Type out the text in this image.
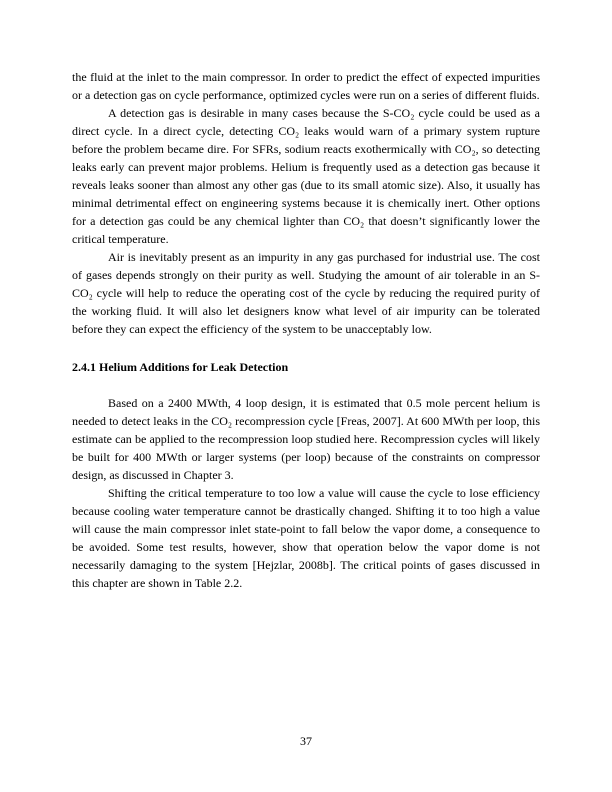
the fluid at the inlet to the main compressor. In order to predict the effect of expected impurities or a detection gas on cycle performance, optimized cycles were run on a series of different fluids.

A detection gas is desirable in many cases because the S-CO₂ cycle could be used as a direct cycle. In a direct cycle, detecting CO₂ leaks would warn of a primary system rupture before the problem became dire. For SFRs, sodium reacts exothermically with CO₂, so detecting leaks early can prevent major problems. Helium is frequently used as a detection gas because it reveals leaks sooner than almost any other gas (due to its small atomic size). Also, it usually has minimal detrimental effect on engineering systems because it is chemically inert. Other options for a detection gas could be any chemical lighter than CO₂ that doesn’t significantly lower the critical temperature.

Air is inevitably present as an impurity in any gas purchased for industrial use. The cost of gases depends strongly on their purity as well. Studying the amount of air tolerable in an S-CO₂ cycle will help to reduce the operating cost of the cycle by reducing the required purity of the working fluid. It will also let designers know what level of air impurity can be tolerated before they can expect the efficiency of the system to be unacceptably low.

2.4.1 Helium Additions for Leak Detection

Based on a 2400 MWth, 4 loop design, it is estimated that 0.5 mole percent helium is needed to detect leaks in the CO₂ recompression cycle [Freas, 2007]. At 600 MWth per loop, this estimate can be applied to the recompression loop studied here. Recompression cycles will likely be built for 400 MWth or larger systems (per loop) because of the constraints on compressor design, as discussed in Chapter 3.

Shifting the critical temperature to too low a value will cause the cycle to lose efficiency because cooling water temperature cannot be drastically changed. Shifting it to too high a value will cause the main compressor inlet state-point to fall below the vapor dome, a consequence to be avoided. Some test results, however, show that operation below the vapor dome is not necessarily damaging to the system [Hejzlar, 2008b]. The critical points of gases discussed in this chapter are shown in Table 2.2.

37
